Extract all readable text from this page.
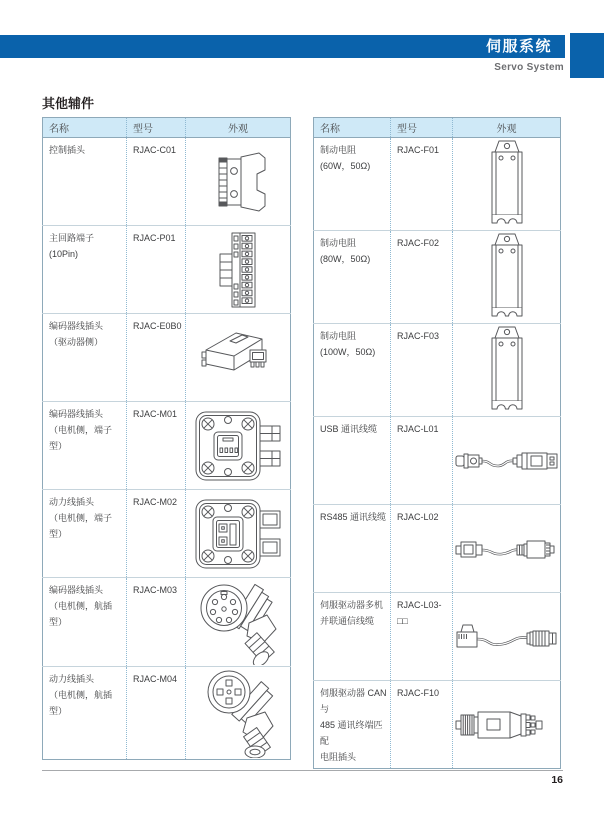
伺服系统
Servo System
其他辅件
名称	型号	外观

控制插头	RJAC-C01

主回路端子
(10Pin)	RJAC-P01

编码器线插头
（驱动器侧）	RJAC-E0B0

编码器线插头
（电机侧，端子型）	RJAC-M01

动力线插头
（电机侧，端子型）	RJAC-M02

编码器线插头
（电机侧，航插型）	RJAC-M03

动力线插头
（电机侧，航插型）	RJAC-M04

名称	型号	外观

制动电阻
(60W，50Ω)	RJAC-F01

制动电阻
(80W，50Ω)	RJAC-F02

制动电阻
(100W，50Ω)	RJAC-F03

USB 通讯线缆	RJAC-L01

RS485 通讯线缆	RJAC-L02

伺服驱动器多机
并联通信线缆	RJAC-L03-□□

伺服驱动器 CAN 与
485 通讯终端匹配
电阻插头	RJAC-F10

16
